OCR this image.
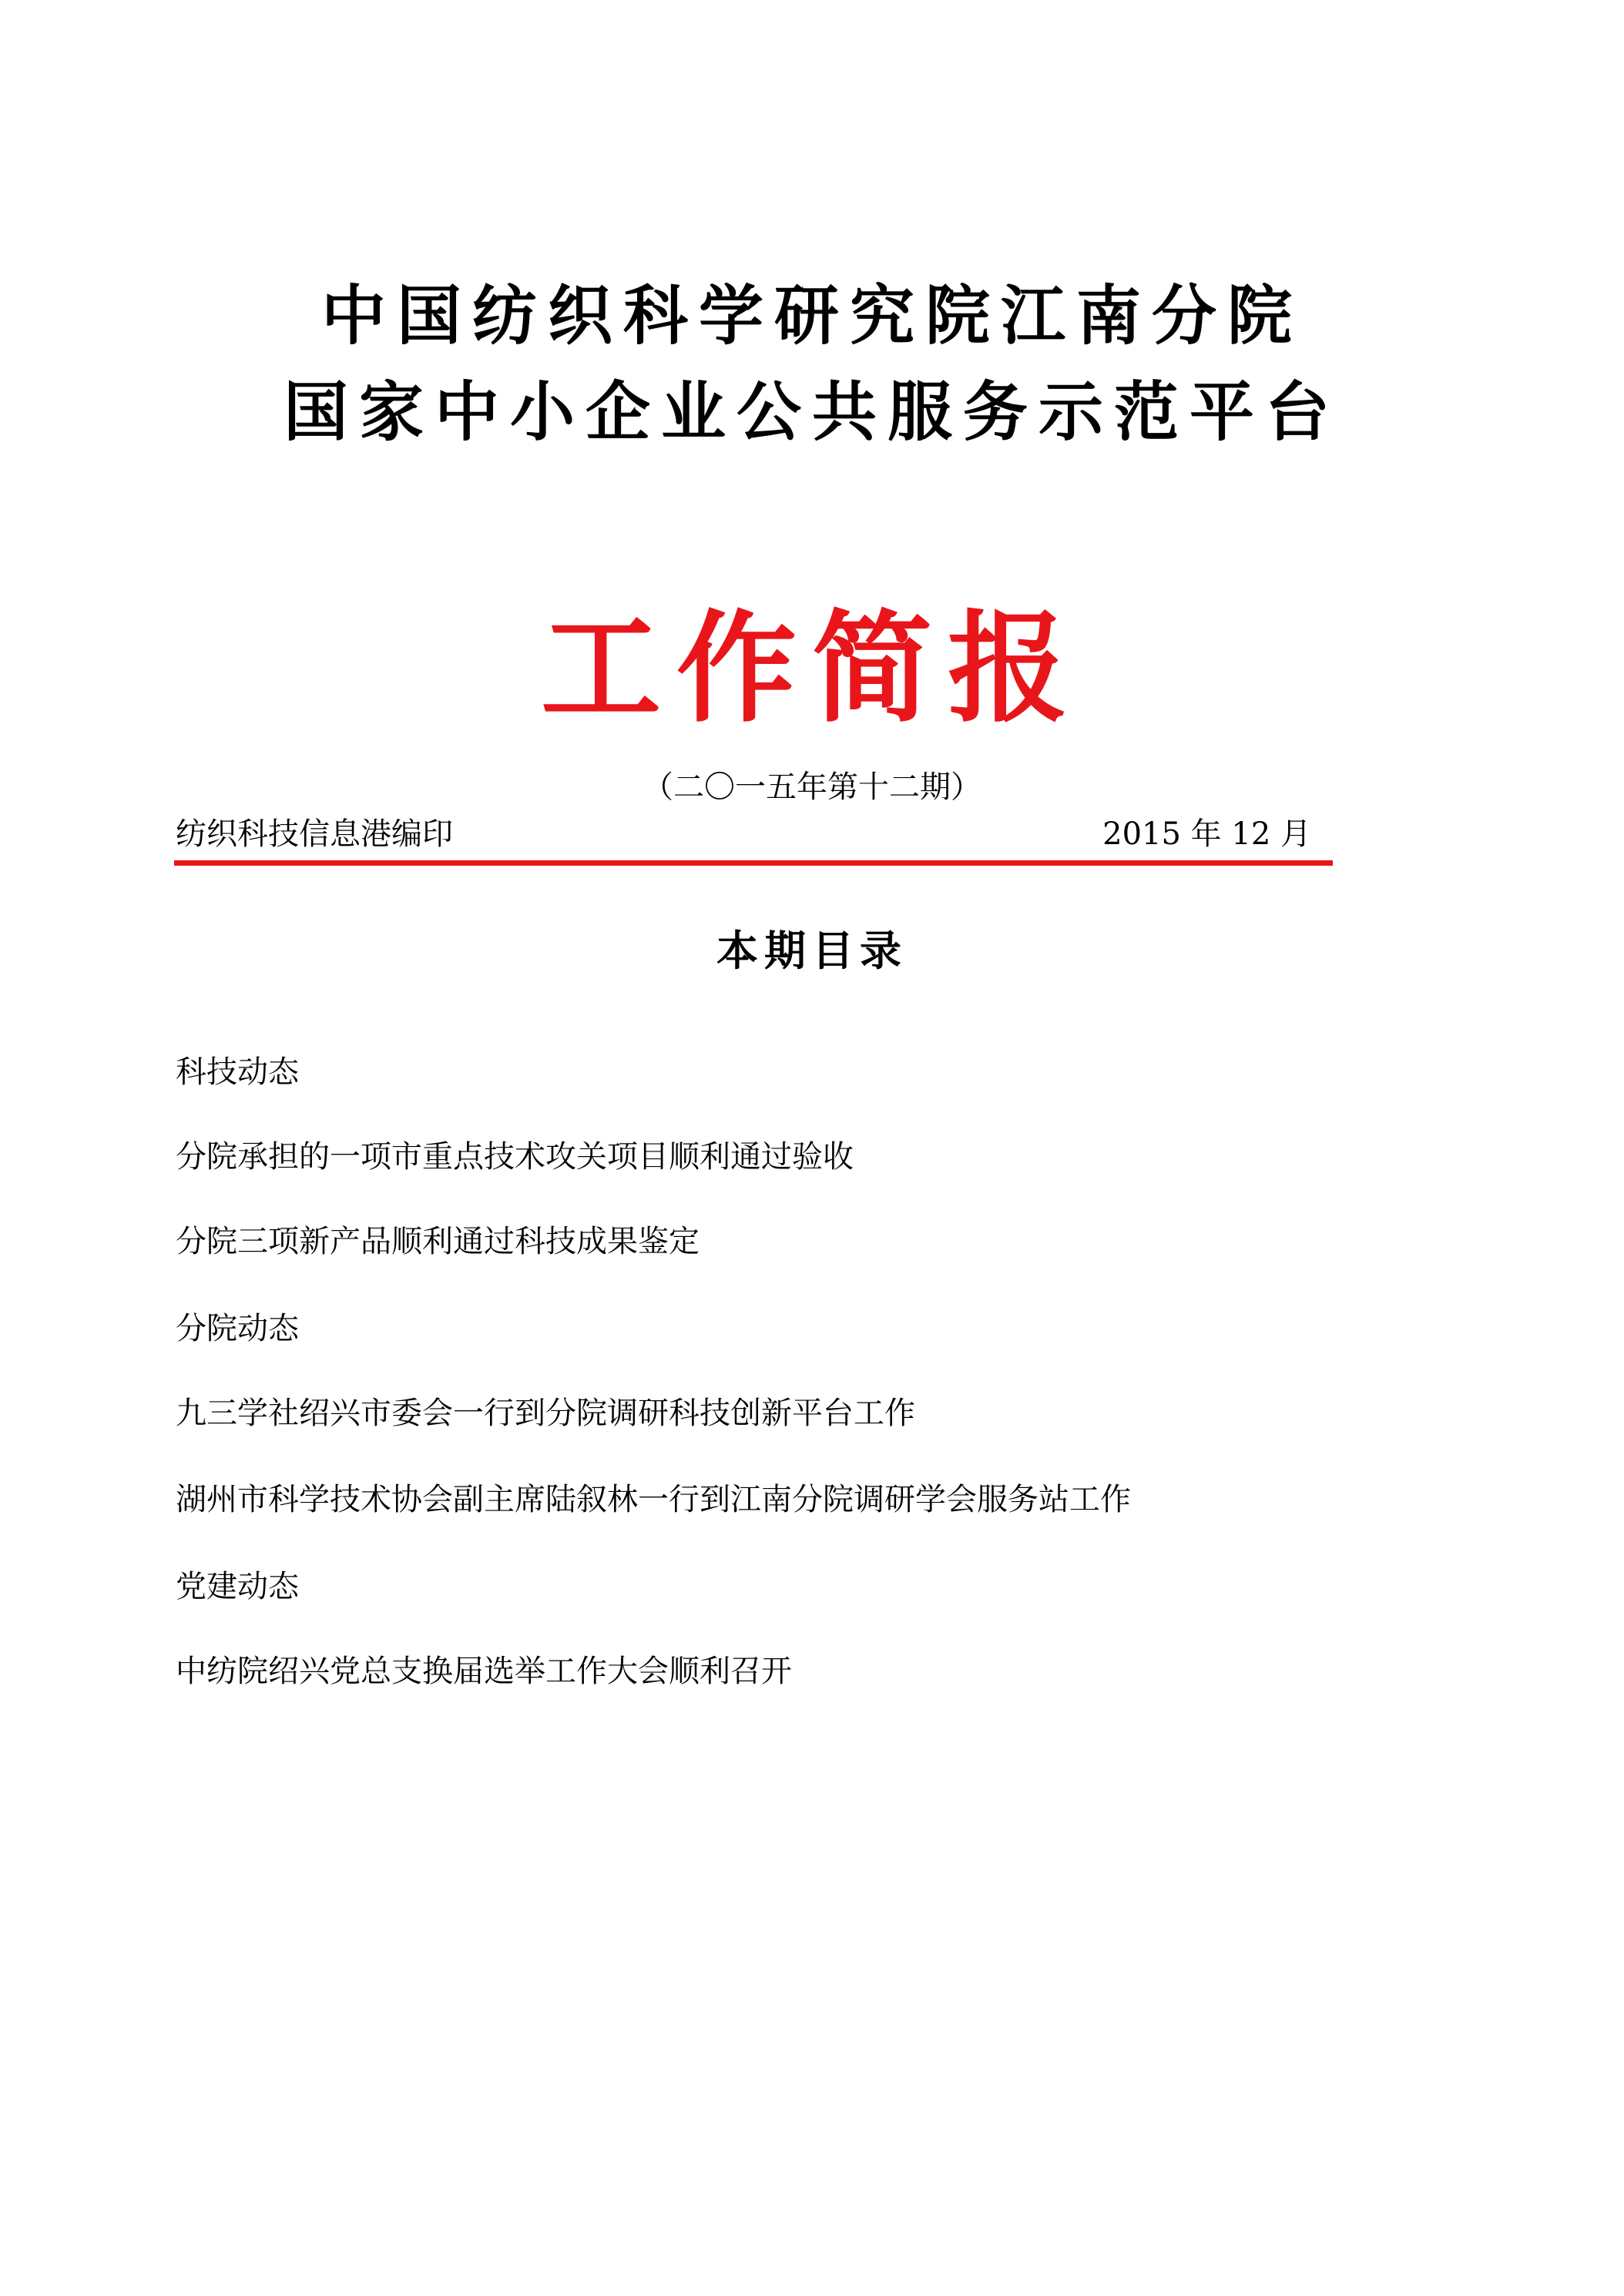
中国纺织科学研究院江南分院
国家中小企业公共服务示范平台
工作简报
（二〇一五年第十二期）
纺织科技信息港编印	2015 年 12 月
本期目录
科技动态
分院承担的一项市重点技术攻关项目顺利通过验收
分院三项新产品顺利通过科技成果鉴定
分院动态
九三学社绍兴市委会一行到分院调研科技创新平台工作
湖州市科学技术协会副主席陆叙林一行到江南分院调研学会服务站工作
党建动态
中纺院绍兴党总支换届选举工作大会顺利召开
